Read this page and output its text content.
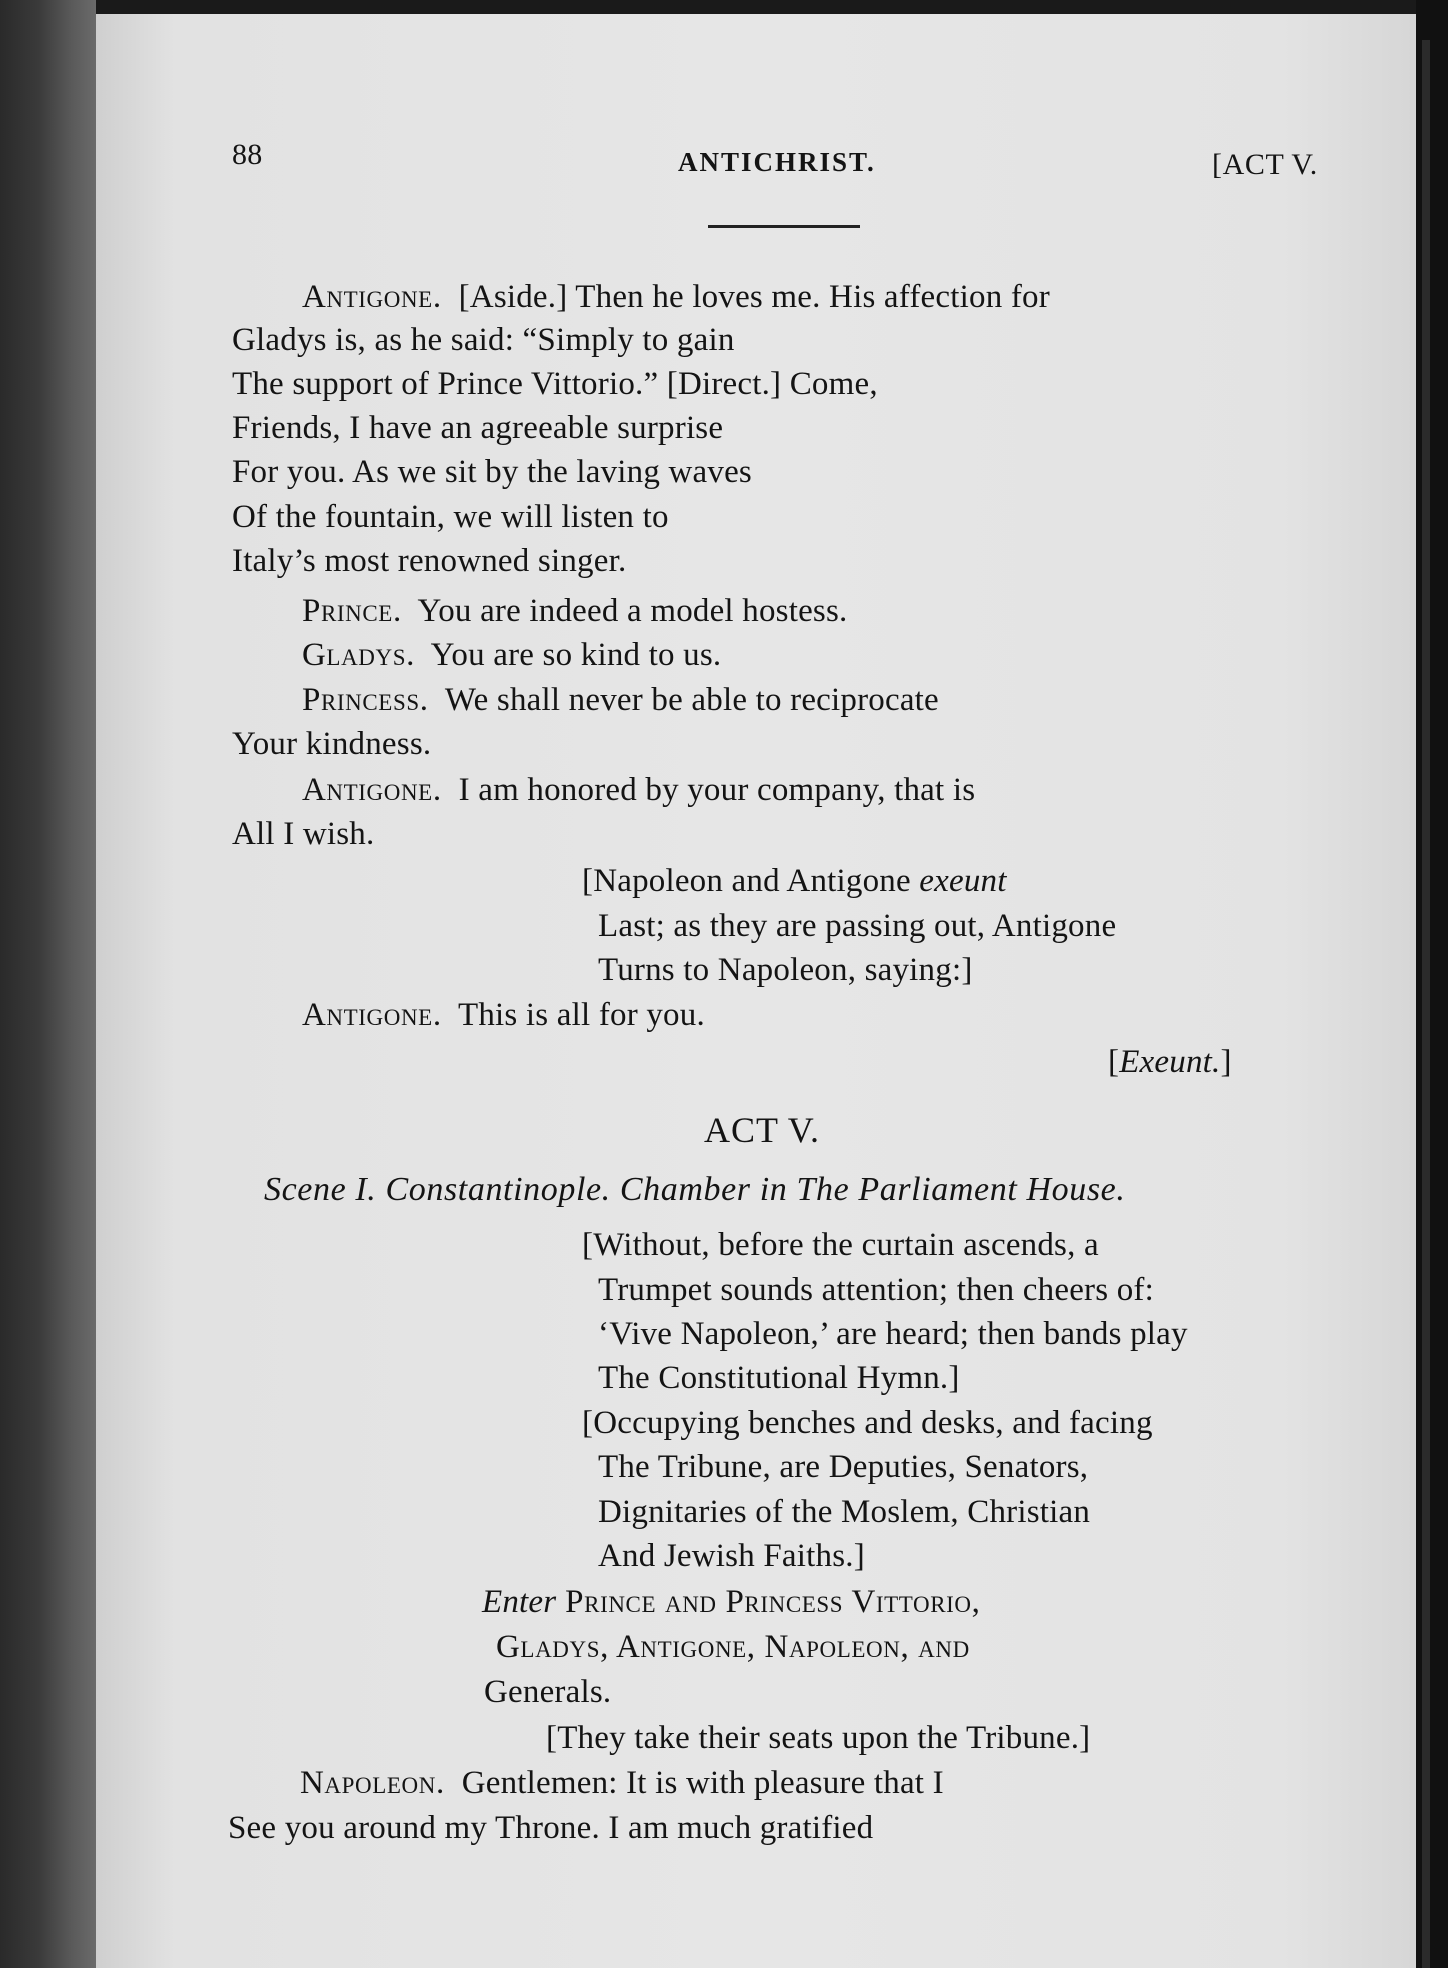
88	ANTICHRIST.	[ACT V.
Antigone. [Aside.] Then he loves me. His affection for
Gladys is, as he said: “Simply to gain
The support of Prince Vittorio.” [Direct.] Come,
Friends, I have an agreeable surprise
For you. As we sit by the laving waves
Of the fountain, we will listen to
Italy’s most renowned singer.
Prince. You are indeed a model hostess.
Gladys. You are so kind to us.
Princess. We shall never be able to reciprocate
Your kindness.
Antigone. I am honored by your company, that is
All I wish.
[Napoleon and Antigone exeunt
Last; as they are passing out, Antigone
Turns to Napoleon, saying:]
Antigone. This is all for you.
[Exeunt.]
ACT V.
Scene I. Constantinople. Chamber in The Parliament House.
[Without, before the curtain ascends, a
Trumpet sounds attention; then cheers of:
‘Vive Napoleon,’ are heard; then bands play
The Constitutional Hymn.]
[Occupying benches and desks, and facing
The Tribune, are Deputies, Senators,
Dignitaries of the Moslem, Christian
And Jewish Faiths.]
Enter Prince and Princess Vittorio,
Gladys, Antigone, Napoleon, and
Generals.
[They take their seats upon the Tribune.]
Napoleon. Gentlemen: It is with pleasure that I
See you around my Throne. I am much gratified
